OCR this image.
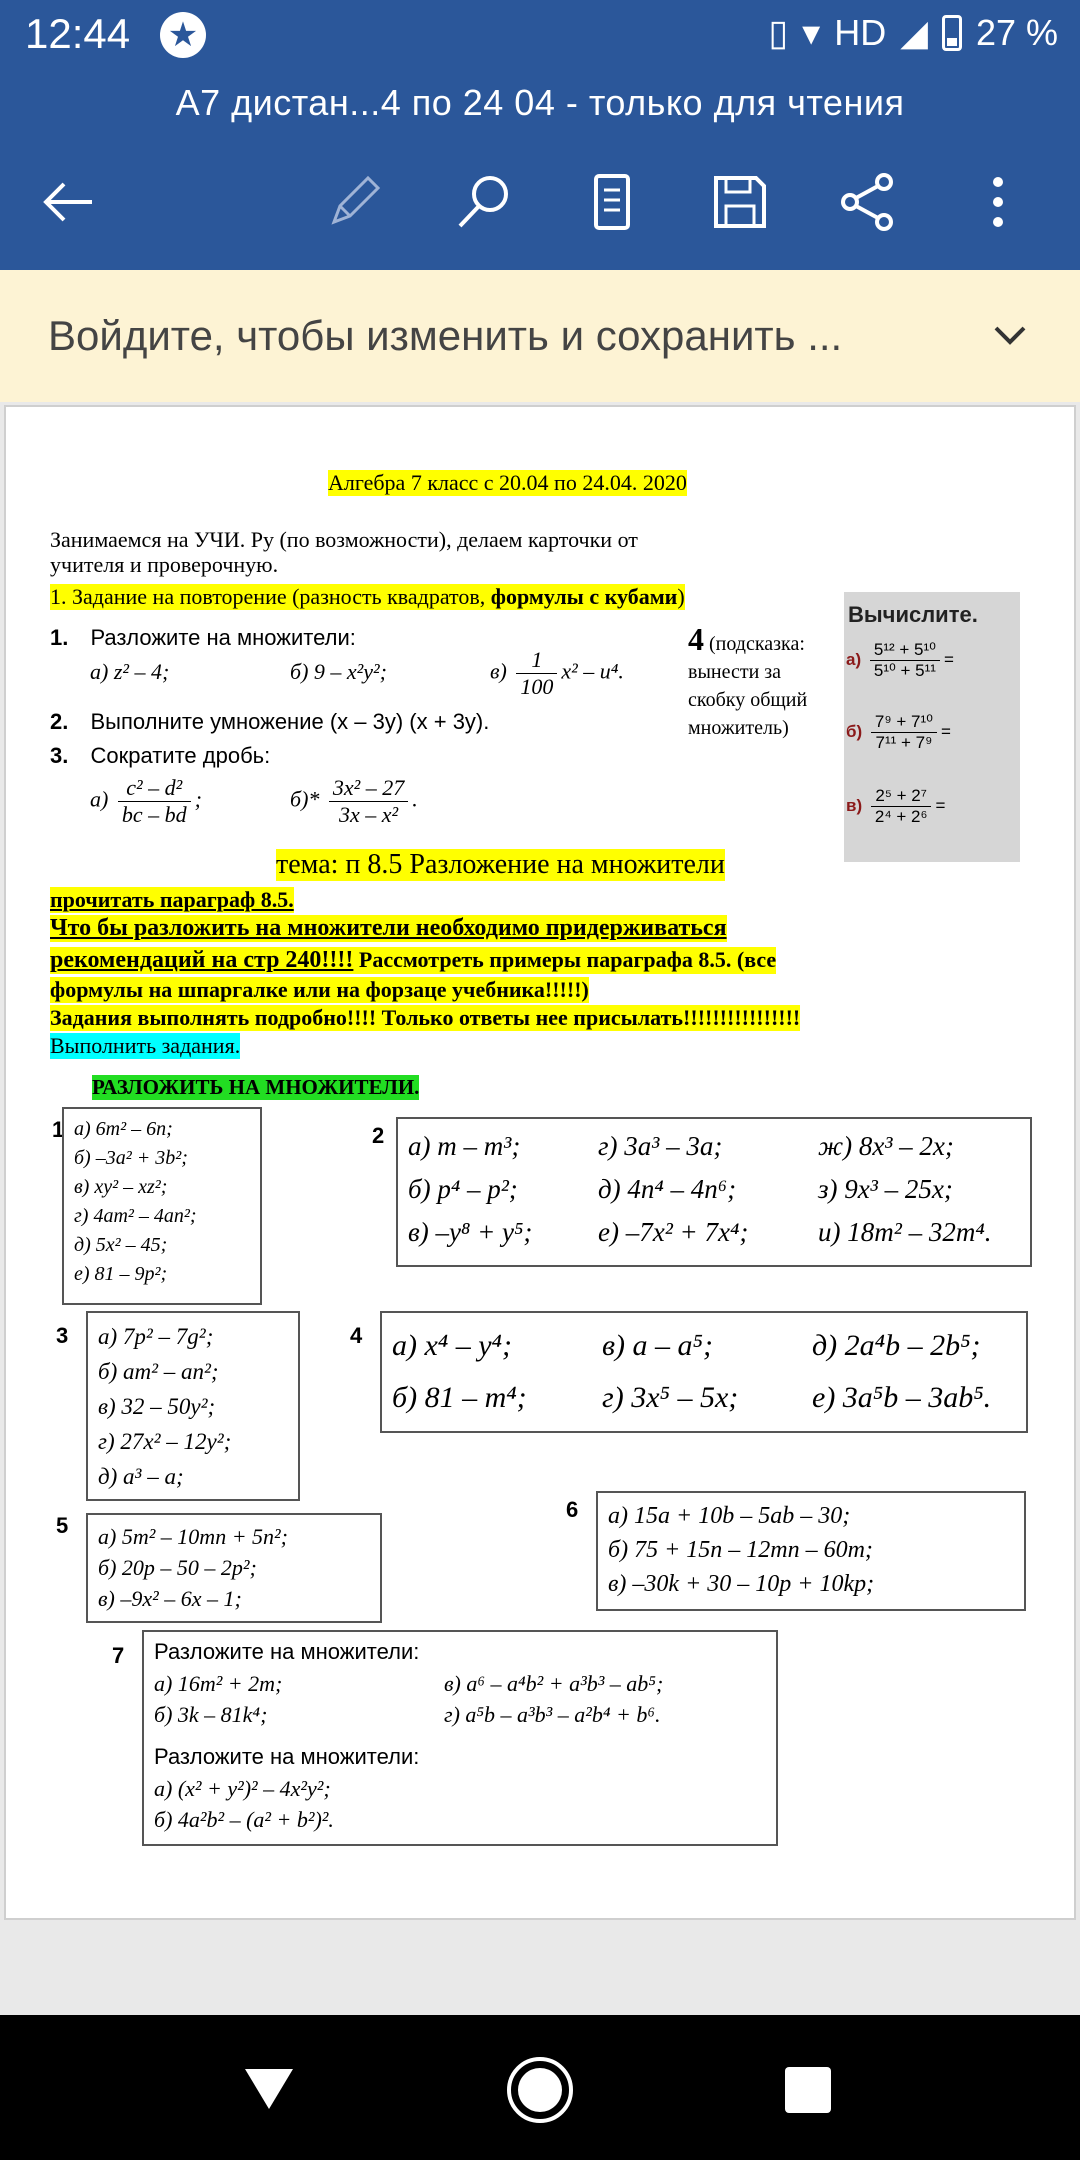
12:44 ★	▯ ▾ HD ◢ 27 %
А7 дистан...4 по 24 04 - только для чтения
Войдите, чтобы изменить и сохранить ...
Алгебра 7 класс с 20.04 по 24.04. 2020
Занимаемся на УЧИ. Ру (по возможности), делаем карточки от учителя и проверочную.
1. Задание на повторение (разность квадратов, формулы с кубами)
1. Разложите на множители:
а) z² – 4;	б) 9 – x²y²;	$в) \frac{1}{100} x^2 - u^4$.
2. Выполните умножение (x – 3y) (x + 3y).
3. Сократите дробь:
$а) \frac{\text{c² – d²}}{bc - bd}$ ;	$б)* \frac{\text{3x² – 27}}{\text{3x – x²}}$ .
4 (подсказка:
вынести за
скобку общий
множитель)
Вычислите.
$а) \frac{\text{5¹² + 5¹⁰}}{\text{5¹⁰ + 5¹¹}}$ =
$б) \frac{\text{7⁹ + 7¹⁰}}{\text{7¹¹ + 7⁹}}$ =
$в) \frac{\text{2⁵ + 2⁷}}{\text{2⁴ + 2⁶}}$ =
тема: п 8.5 Разложение на множители
прочитать параграф 8.5.
Что бы разложить на множители необходимо придерживаться
рекомендаций на стр 240!!!! Рассмотреть примеры параграфа 8.5. (все
формулы на шпаргалке или на форзаце учебника!!!!!)
Задания выполнять подробно!!!! Только ответы нее присылать!!!!!!!!!!!!!!!!
Выполнить задания.
РАЗЛОЖИТЬ НА МНОЖИТЕЛИ.
1 а) 6m² – 6n;
б) –3a² + 3b²;
в) xy² – xz²;
г) 4am² – 4an²;
д) 5x² – 45;
е) 81 – 9p²;
2 а) m – m³;	г) 3a³ – 3a;	ж) 8x³ – 2x;
б) p⁴ – p²;	д) 4n⁴ – 4n⁶;	з) 9x³ – 25x;
в) –y⁸ + y⁵; е) –7x² + 7x⁴;	и) 18m² – 32m⁴.
3 а) 7p² – 7g²;
б) am² – an²;
в) 32 – 50y²;
г) 27x² – 12y²;
д) a³ – a;
4 а) x⁴ – y⁴;	в) a – a⁵;	д) 2a⁴b – 2b⁵;
б) 81 – m⁴;	г) 3x⁵ – 5x; е) 3a⁵b – 3ab⁵.
5 а) 5m² – 10mn + 5n²;
б) 20p – 50 – 2p²;
в) –9x² – 6x – 1;
6 а) 15a + 10b – 5ab – 30;
б) 75 + 15n – 12mn – 60m;
в) –30k + 30 – 10p + 10kp;
7 Разложите на множители:
а) 16m² + 2m;
б) 3k – 81k⁴;
в) a⁶ – a⁴b² + a³b³ – ab⁵;
г) a⁵b – a³b³ – a²b⁴ + b⁶.
Разложите на множители:
а) (x² + y²)² – 4x²y²;
б) 4a²b² – (a² + b²)².
